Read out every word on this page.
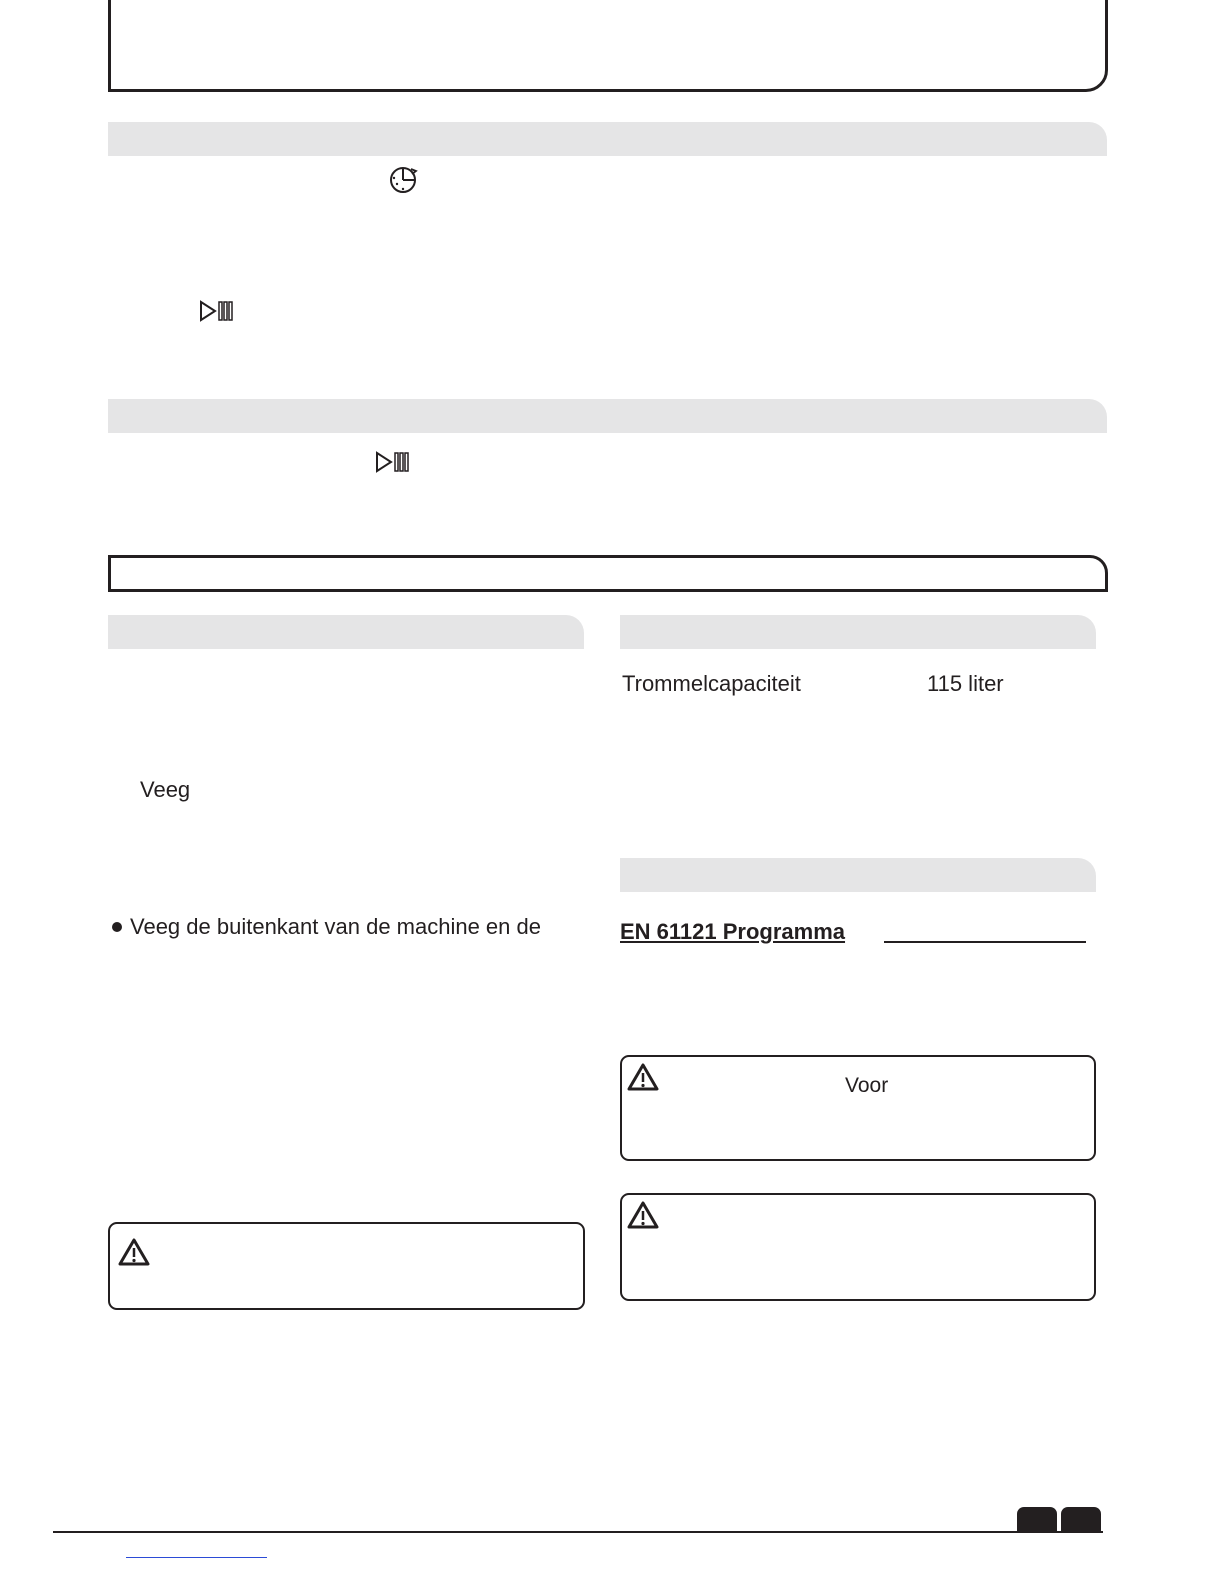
Veeg
Veeg de buitenkant van de machine en de
Trommelcapaciteit	115 liter
EN 61121 Programma
Voor
